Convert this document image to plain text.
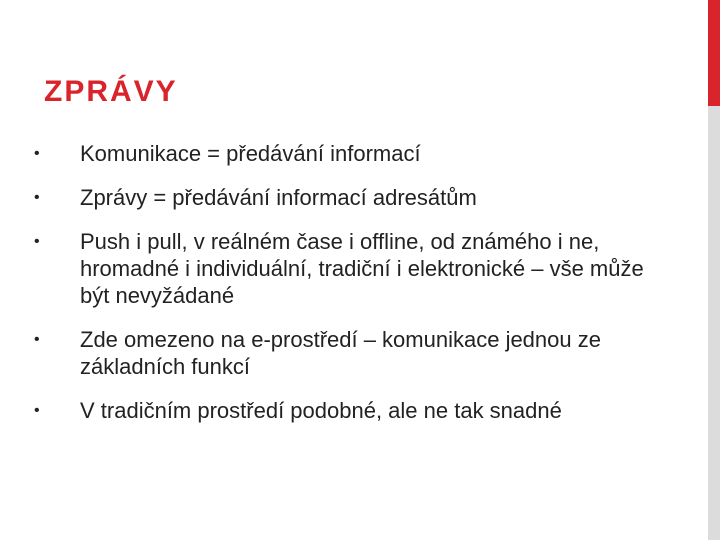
ZPRÁVY
•	Komunikace = předávání informací
•	Zprávy = předávání informací adresátům
•	Push i pull, v reálném čase i offline, od známého i ne, hromadné i individuální, tradiční i elektronické – vše může být nevyžádané
•	Zde omezeno na e-prostředí – komunikace jednou ze základních funkcí
•	V tradičním prostředí podobné, ale ne tak snadné
